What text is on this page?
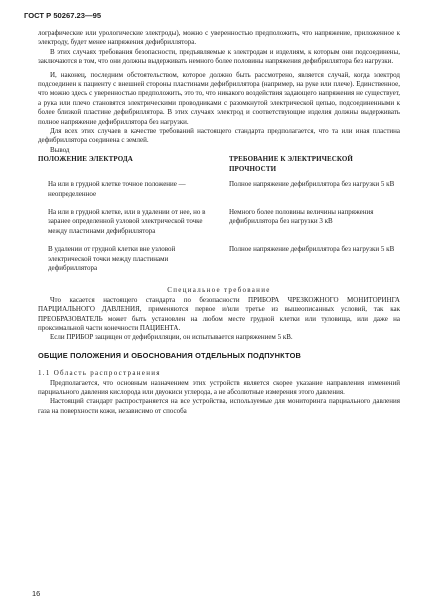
ГОСТ Р 50267.23—95

лографические или урологические электроды), можно с уверенностью предположить, что напряжение, приложенное к электроду, будет менее напряжения дефибриллятора.

В этих случаях требования безопасности, предъявляемые к электродам и изделиям, к которым они подсоединены, заключаются в том, что они должны выдерживать немного более половины напряжения дефибриллятора без нагрузки.

И, наконец, последним обстоятельством, которое должно быть рассмотрено, является случай, когда электрод подсоединен к пациенту с внешней стороны пластинами дефибриллятора (например, на руке или плече). Единственное, что можно здесь с уверенностью предположить, это то, что никакого воздействия задающего напряжения не существует, а рука или плечо становятся электрическими проводниками с разомкнутой электрической цепью, подсоединенными к более близкой пластине дефибриллятора. В этих случаях электрод и соответствующие изделия должны выдерживать полное напряжение дефибриллятора без нагрузки.

Для всех этих случаев в качестве требований настоящего стандарта предполагается, что та или иная пластина дефибриллятора соединена с землей.

Вывод

ПОЛОЖЕНИЕ ЭЛЕКТРОДА	ТРЕБОВАНИЕ К ЭЛЕКТРИЧЕСКОЙ ПРОЧНОСТИ
На или в грудной клетке точное положение — неопределенное	Полное напряжение дефибриллятора без нагрузки 5 кВ
На или в грудной клетке, или в удалении от нее, но в заранее определенной узловой электрической точке между пластинами дефибриллятора	Немного более половины величины напряжения дефибриллятора без нагрузки 3 кВ
В удалении от грудной клетки вне узловой электрической точки между пластинами дефибриллятора	Полное напряжение дефибриллятора без нагрузки 5 кВ

Специальное требование

Что касается настоящего стандарта по безопасности ПРИБОРА ЧРЕЗКОЖНОГО МОНИТОРИНГА ПАРЦИАЛЬНОГО ДАВЛЕНИЯ, применяются первое и/или третье из вышеописанных условий, так как ПРЕОБРАЗОВАТЕЛЬ может быть установлен на любом месте грудной клетки или туловища, или даже на проксимальной части конечности ПАЦИЕНТА.

Если ПРИБОР защищен от дефибрилляции, он испытывается напряжением 5 кВ.

ОБЩИЕ ПОЛОЖЕНИЯ И ОБОСНОВАНИЯ ОТДЕЛЬНЫХ ПОДПУНКТОВ

1.1 Область распространения

Предполагается, что основным назначением этих устройств является скорее указание направления изменений парциального давления кислорода или двуокиси углерода, а не абсолютные измерения этого давления.

Настоящий стандарт распространяется на все устройства, используемые для мониторинга парциального давления газа на поверхности кожи, независимо от способа

16
